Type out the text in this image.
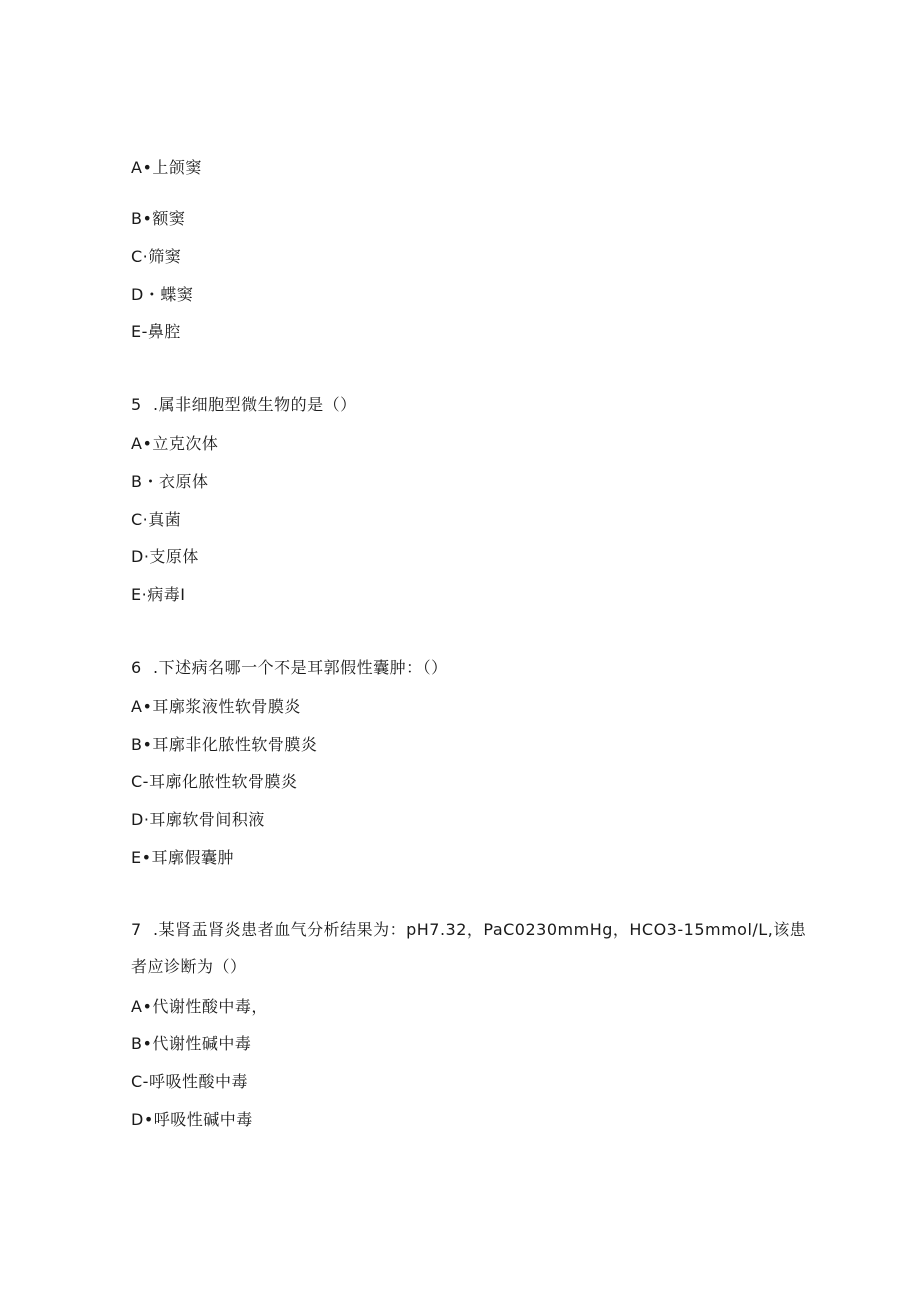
A•上颌窦
B•额窦
C·筛窦
D・蝶窦
E-鼻腔
5 .属非细胞型微生物的是（）
A•立克次体
B・衣原体
C·真菌
D·支原体
E·病毒I
6 .下述病名哪一个不是耳郭假性囊肿：（）
A•耳廓浆液性软骨膜炎
B•耳廓非化脓性软骨膜炎
C-耳廓化脓性软骨膜炎
D·耳廓软骨间积液
E•耳廓假囊肿
7 .某肾盂肾炎患者血气分析结果为：pH7.32，PaC0230mmHg，HCO3-15mmol/L,该患
者应诊断为（）
A•代谢性酸中毒，
B•代谢性碱中毒
C-呼吸性酸中毒
D•呼吸性碱中毒
